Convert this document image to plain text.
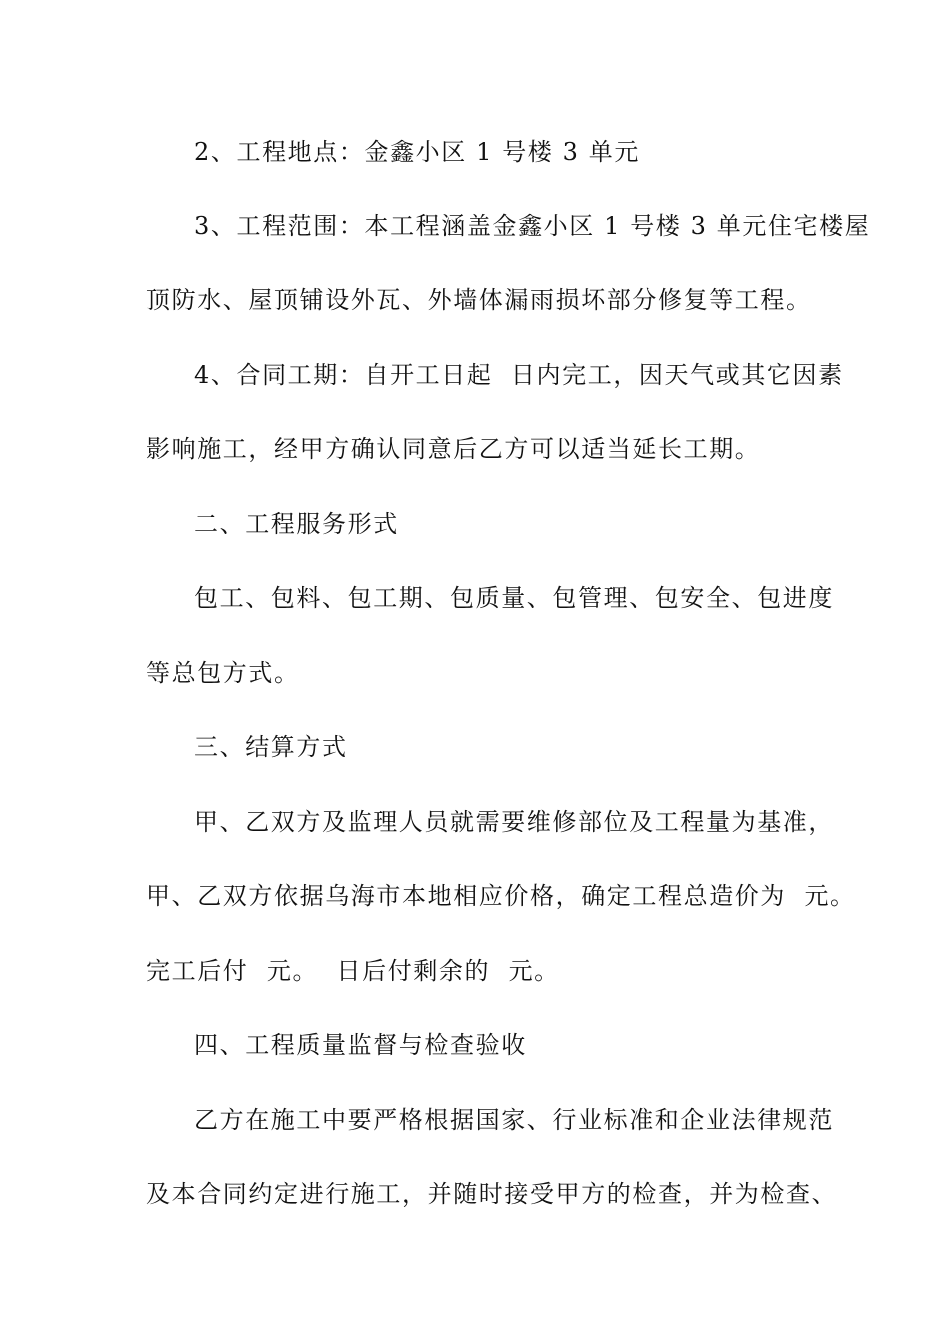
2、工程地点：金鑫小区 1 号楼 3 单元
3、工程范围：本工程涵盖金鑫小区 1 号楼 3 单元住宅楼屋
顶防水、屋顶铺设外瓦、外墙体漏雨损坏部分修复等工程。
4、合同工期：自开工日起  日内完工，因天气或其它因素
影响施工，经甲方确认同意后乙方可以适当延长工期。
二、工程服务形式
包工、包料、包工期、包质量、包管理、包安全、包进度
等总包方式。
三、结算方式
甲、乙双方及监理人员就需要维修部位及工程量为基准，
甲、乙双方依据乌海市本地相应价格，确定工程总造价为  元。
完工后付  元。  日后付剩余的  元。
四、工程质量监督与检查验收
乙方在施工中要严格根据国家、行业标准和企业法律规范
及本合同约定进行施工，并随时接受甲方的检查，并为检查、
